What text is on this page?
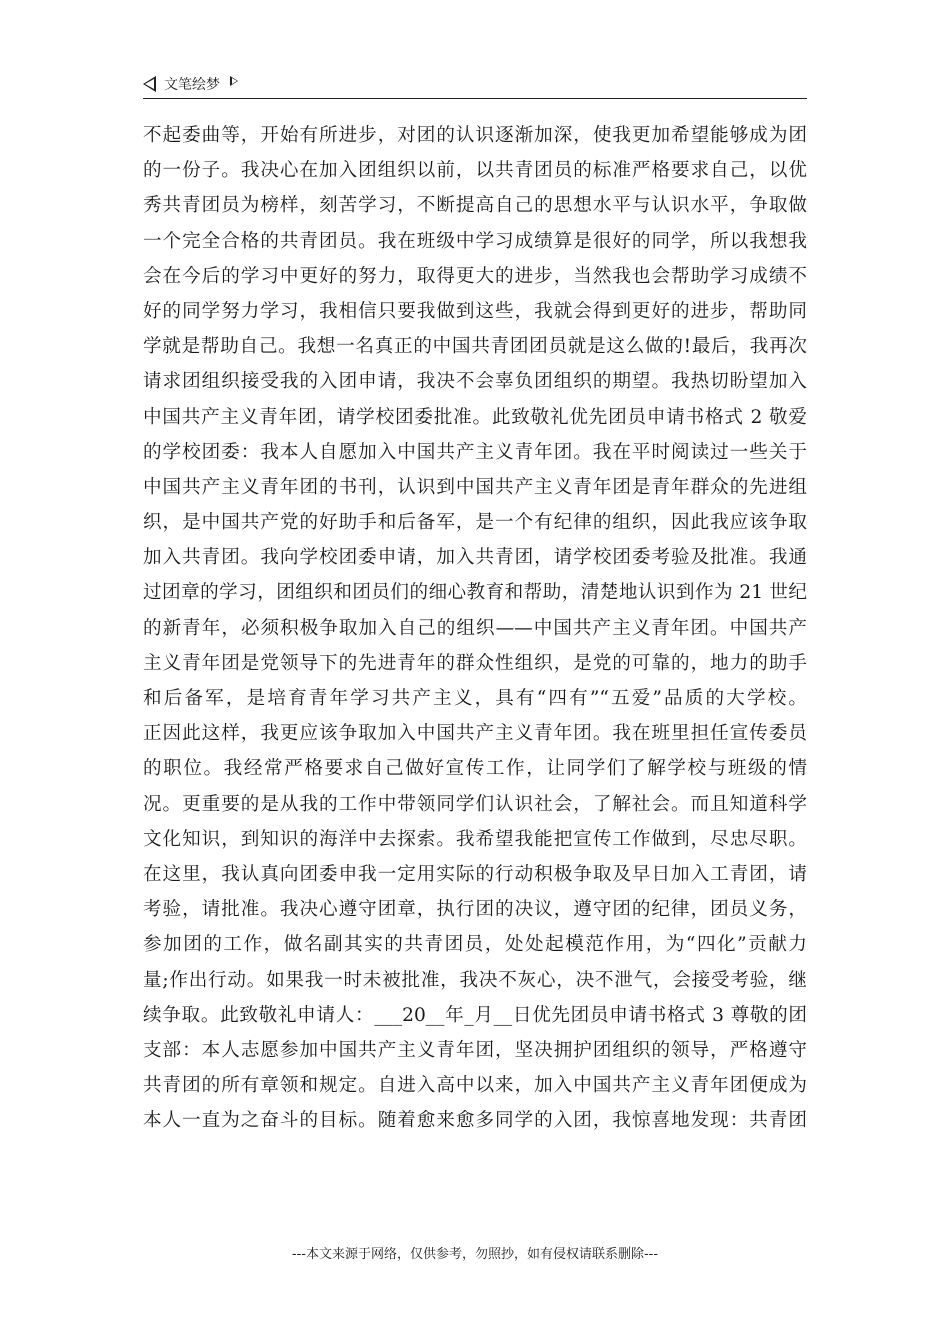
文笔绘梦
不起委曲等，开始有所进步，对团的认识逐渐加深，使我更加希望能够成为团
的一份子。我决心在加入团组织以前，以共青团员的标准严格要求自己，以优
秀共青团员为榜样，刻苦学习，不断提高自己的思想水平与认识水平，争取做
一个完全合格的共青团员。我在班级中学习成绩算是很好的同学，所以我想我
会在今后的学习中更好的努力，取得更大的进步，当然我也会帮助学习成绩不
好的同学努力学习，我相信只要我做到这些，我就会得到更好的进步，帮助同
学就是帮助自己。我想一名真正的中国共青团团员就是这么做的!最后，我再次
请求团组织接受我的入团申请，我决不会辜负团组织的期望。我热切盼望加入
中国共产主义青年团，请学校团委批准。此致敬礼优先团员申请书格式 2 敬爱
的学校团委：我本人自愿加入中国共产主义青年团。我在平时阅读过一些关于
中国共产主义青年团的书刊，认识到中国共产主义青年团是青年群众的先进组
织，是中国共产党的好助手和后备军，是一个有纪律的组织，因此我应该争取
加入共青团。我向学校团委申请，加入共青团，请学校团委考验及批准。我通
过团章的学习，团组织和团员们的细心教育和帮助，清楚地认识到作为 21 世纪
的新青年，必须积极争取加入自己的组织——中国共产主义青年团。中国共产
主义青年团是党领导下的先进青年的群众性组织，是党的可靠的，地力的助手
和后备军，是培育青年学习共产主义，具有“四有”“五爱”品质的大学校。
正因此这样，我更应该争取加入中国共产主义青年团。我在班里担任宣传委员
的职位。我经常严格要求自己做好宣传工作，让同学们了解学校与班级的情
况。更重要的是从我的工作中带领同学们认识社会，了解社会。而且知道科学
文化知识，到知识的海洋中去探索。我希望我能把宣传工作做到，尽忠尽职。
在这里，我认真向团委申我一定用实际的行动积极争取及早日加入工青团，请
考验，请批准。我决心遵守团章，执行团的决议，遵守团的纪律，团员义务，
参加团的工作，做名副其实的共青团员，处处起模范作用，为“四化”贡献力
量;作出行动。如果我一时未被批准，我决不灰心，决不泄气，会接受考验，继
续争取。此致敬礼申请人：___20__年_月__日优先团员申请书格式 3 尊敬的团
支部：本人志愿参加中国共产主义青年团，坚决拥护团组织的领导，严格遵守
共青团的所有章领和规定。自进入高中以来，加入中国共产主义青年团便成为
本人一直为之奋斗的目标。随着愈来愈多同学的入团，我惊喜地发现：共青团
---本文来源于网络，仅供参考，勿照抄，如有侵权请联系删除---
